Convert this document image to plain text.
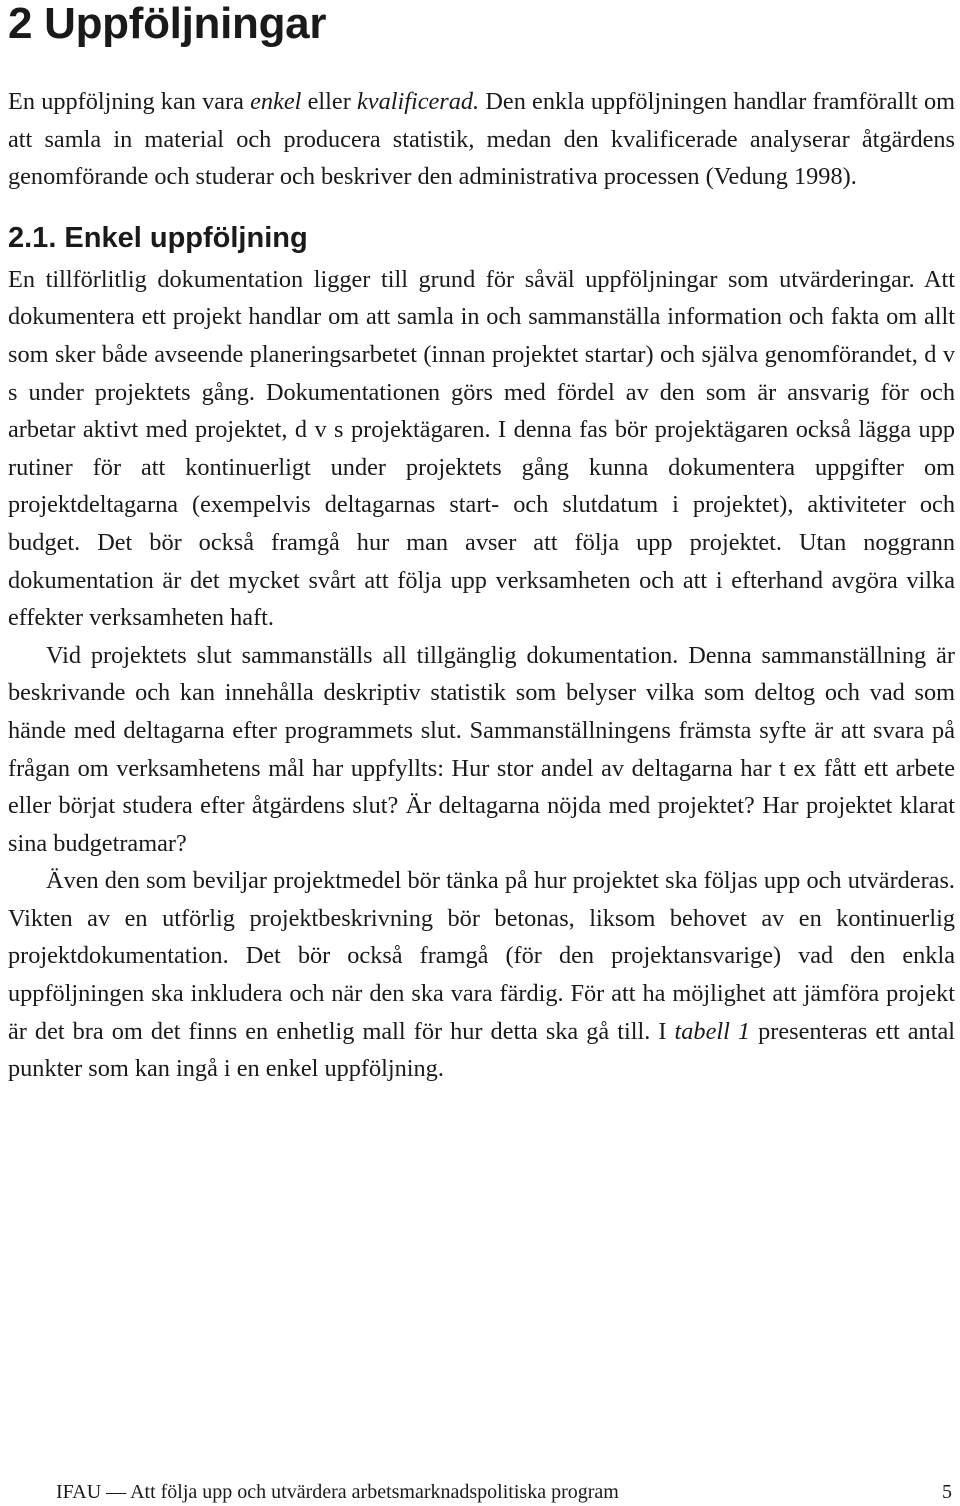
2 Uppföljningar

En uppföljning kan vara enkel eller kvalificerad. Den enkla uppföljningen handlar framförallt om att samla in material och producera statistik, medan den kvalificerade analyserar åtgärdens genomförande och studerar och beskriver den administrativa processen (Vedung 1998).

2.1. Enkel uppföljning

En tillförlitlig dokumentation ligger till grund för såväl uppföljningar som utvärderingar. Att dokumentera ett projekt handlar om att samla in och sammanställa information och fakta om allt som sker både avseende planeringsarbetet (innan projektet startar) och själva genomförandet, d v s under projektets gång. Dokumentationen görs med fördel av den som är ansvarig för och arbetar aktivt med projektet, d v s projektägaren. I denna fas bör projektägaren också lägga upp rutiner för att kontinuerligt under projektets gång kunna dokumentera uppgifter om projektdeltagarna (exempelvis deltagarnas start- och slutdatum i projektet), aktiviteter och budget. Det bör också framgå hur man avser att följa upp projektet. Utan noggrann dokumentation är det mycket svårt att följa upp verksamheten och att i efterhand avgöra vilka effekter verksamheten haft.

Vid projektets slut sammanställs all tillgänglig dokumentation. Denna sammanställning är beskrivande och kan innehålla deskriptiv statistik som belyser vilka som deltog och vad som hände med deltagarna efter programmets slut. Sammanställningens främsta syfte är att svara på frågan om verksamhetens mål har uppfyllts: Hur stor andel av deltagarna har t ex fått ett arbete eller börjat studera efter åtgärdens slut? Är deltagarna nöjda med projektet? Har projektet klarat sina budgetramar?

Även den som beviljar projektmedel bör tänka på hur projektet ska följas upp och utvärderas. Vikten av en utförlig projektbeskrivning bör betonas, liksom behovet av en kontinuerlig projektdokumentation. Det bör också framgå (för den projektansvarige) vad den enkla uppföljningen ska inkludera och när den ska vara färdig. För att ha möjlighet att jämföra projekt är det bra om det finns en enhetlig mall för hur detta ska gå till. I tabell 1 presenteras ett antal punkter som kan ingå i en enkel uppföljning.

IFAU — Att följa upp och utvärdera arbetsmarknadspolitiska program	5
